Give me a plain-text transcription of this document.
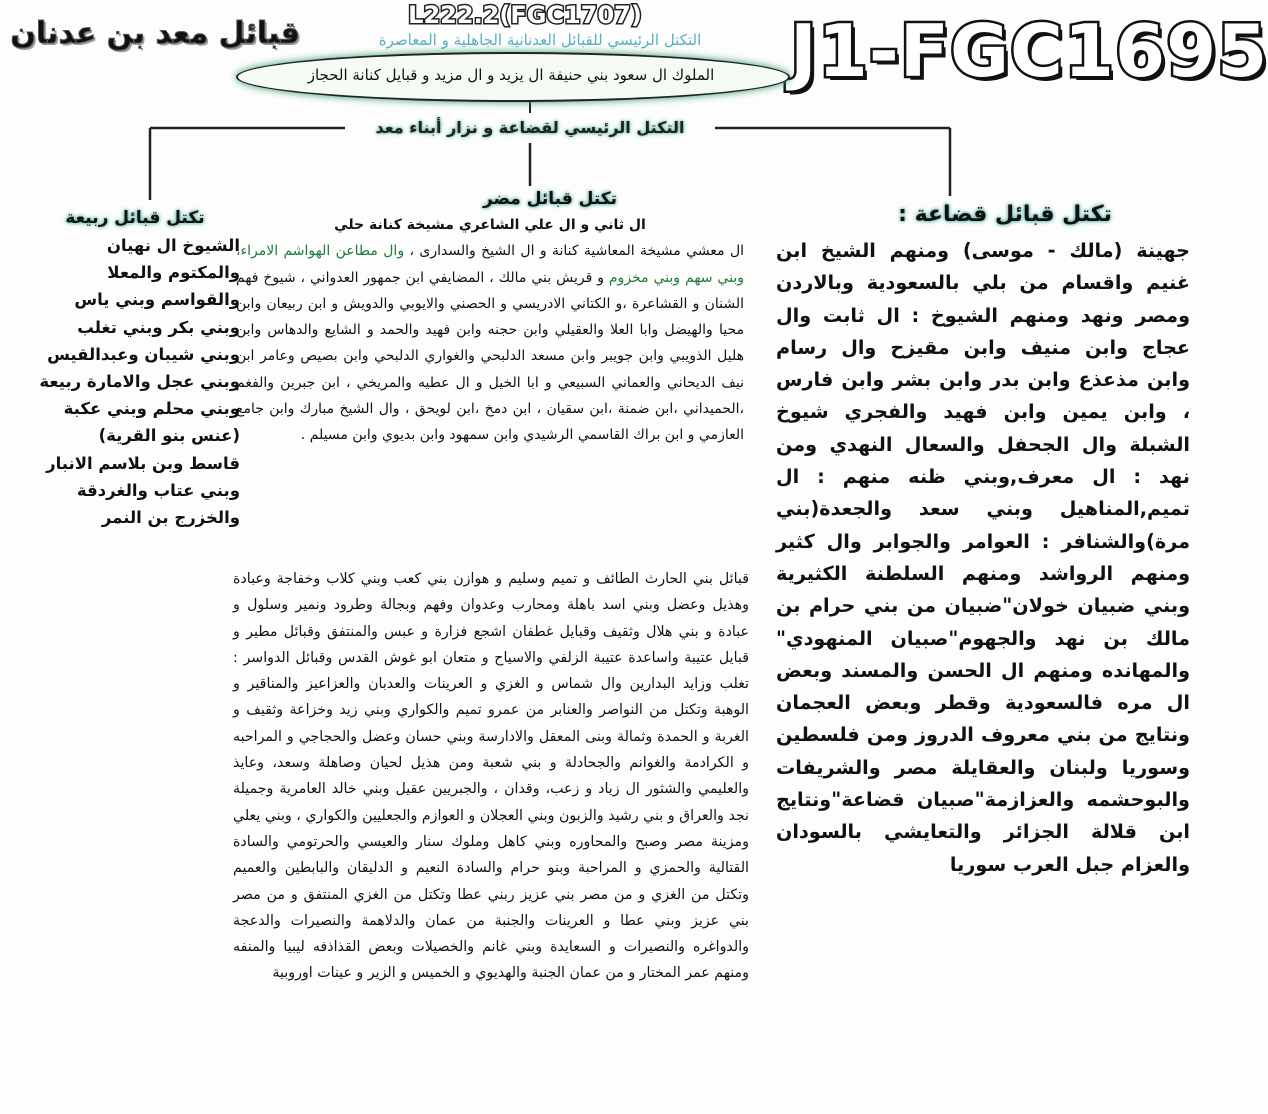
J1-FGC1695
L222.2(FGC1707)
قبائل معد بن عدنان	التكتل الرئيسي للقبائل العدنانية الجاهلية و المعاصرة
الملوك ال سعود بني حنيفة ال يزيد و ال مزيد و قبايل كنانة الحجاز
التكتل الرئيسي لقضاعة و نزار أبناء معد
تكتل قبائل ربيعة
تكتل قبائل مضر
تكتل قبائل قضاعة :
الشيوخ ال نهيان
والمكتوم والمعلا
والقواسم وبني ياس
وبني بكر وبني تغلب
وبني شيبان وعبدالقيس
وبني عجل والامارة ربيعة
وبني محلم وبني عكبة
(عنس بنو القرية)
قاسط وبن بلاسم الانبار
وبني عتاب والغردقة
والخزرج بن النمر
ال ثاني و ال علي الشاعري مشيخة كنانة حلي
ال معشي مشيخة المعاشية كنانة و ال الشيخ والسدارى ، وال مطاعن الهواشم الامراء، وبني سهم وبني مخزوم و قريش بني مالك ، المضايفي ابن جمهور العدواني ، شيوخ فهم الشنان و القشاعرة ،و الكتاني الادريسي و الحصني والايوبي والدويش و ابن ربيعان وابن محيا والهيضل وابا العلا والعقيلي وابن حجنه وابن فهيد والحمد و الشايع والدهاس وابن هليل الذويبي وابن جويبر وابن مسعد الدلبحي والغواري الدلبحي وابن بصيص وعامر ابن نيف الديحاني والعماني السبيعي و ابا الخيل و ال عطيه والمريخي ، ابن جبرين والفغم ،الحميداني ،ابن ضمنة ،ابن سقيان ، ابن دمخ ،ابن لويحق ، وال الشيخ مبارك وابن جامع العازمي و ابن براك القاسمي الرشيدي وابن سمهود وابن بديوي وابن مسيلم .
قبائل بني الحارث الطائف و تميم وسليم و هوازن بني كعب وبني كلاب وخفاجة وعبادة وهذيل وعضل وبني اسد باهلة ومحارب وعدوان وفهم وبجالة وطرود ونمير وسلول و عبادة و بني هلال وثقيف وقبايل غطفان اشجع فزارة و عبس والمنتفق وقبائل مطير و قبايل عتيبة واساعدة عتيبة الزلفي والاسياح و متعان ابو غوش القدس وقبائل الدواسر : تغلب وزايد البدارين وال شماس و الغزي و العرينات والعدبان والعزاعيز والمناقير و الوهبة وتكتل من النواصر والعنابر من عمرو تميم والكواري وبني زيد وخزاعة وثقيف و الغربة و الحمدة وثمالة وبنى المعقل والادارسة وبني حسان وعضل والحجاجي و المراحبه و الكرادمة والغوانم والجحادلة و بني شعبة ومن هذيل لحيان وصاهلة وسعد، وعايذ والعليمي والشثور ال زياد و زعب، وقدان ، والجبريين عقيل وبني خالد العامرية وجميلة نجد والعراق و بني رشيد والزبون وبني العجلان و العوازم والجعليين والكواري ، وبني يعلي ومزينة مصر وصبح والمحاوره وبني كاهل وملوك سنار والعيسي والحرتومي والسادة القتالية والحمزي و المراحبة وبنو حرام والسادة النعيم و الدليقان والبابطين والعميم وتكتل من الغزي و من مصر بني عزيز ربني عطا وتكتل من الغزي المنتفق و من مصر بني عزيز وبني عطا و العرينات والجنبة من عمان والدلاهمة والنصيرات والدعجة والدواغره والنصيرات و السعايدة وبني غانم والخصيلات وبعض القذاذفه ليبيا والمنفه ومنهم عمر المختار و من عمان الجنبة والهديوي و الخميس و الزير و عينات اوروبية
جهينة (مالك - موسى) ومنهم الشيخ ابن غنيم واقسام من بلي بالسعودية وبالاردن ومصر ونهد ومنهم الشيوخ : ال ثابت وال عجاج وابن منيف وابن مقيزح وال رسام وابن مذعذع وابن بدر وابن بشر وابن فارس ، وابن يمين وابن فهيد والفجري شيوخ الشبلة وال الجحفل والسعال النهدي ومن نهد : ال معرف,وبني ظنه منهم : ال تميم,المناهيل وبني سعد والجعدة(بني مرة)والشنافر : العوامر والجوابر وال كثير ومنهم الرواشد ومنهم السلطنة الكثيرية وبني ضبيان خولان"ضبيان من بني حرام بن مالك بن نهد والجهوم"صبيان المنهودي" والمهانده ومنهم ال الحسن والمسند وبعض ال مره فالسعودية وقطر وبعض العجمان ونتايج من بني معروف الدروز ومن فلسطين وسوريا ولبنان والعقايلة مصر والشريفات والبوحشمه والعزازمة"صبيان قضاعة"ونتايج ابن قلالة الجزائر والتعايشي بالسودان والعزام جبل العرب سوريا
